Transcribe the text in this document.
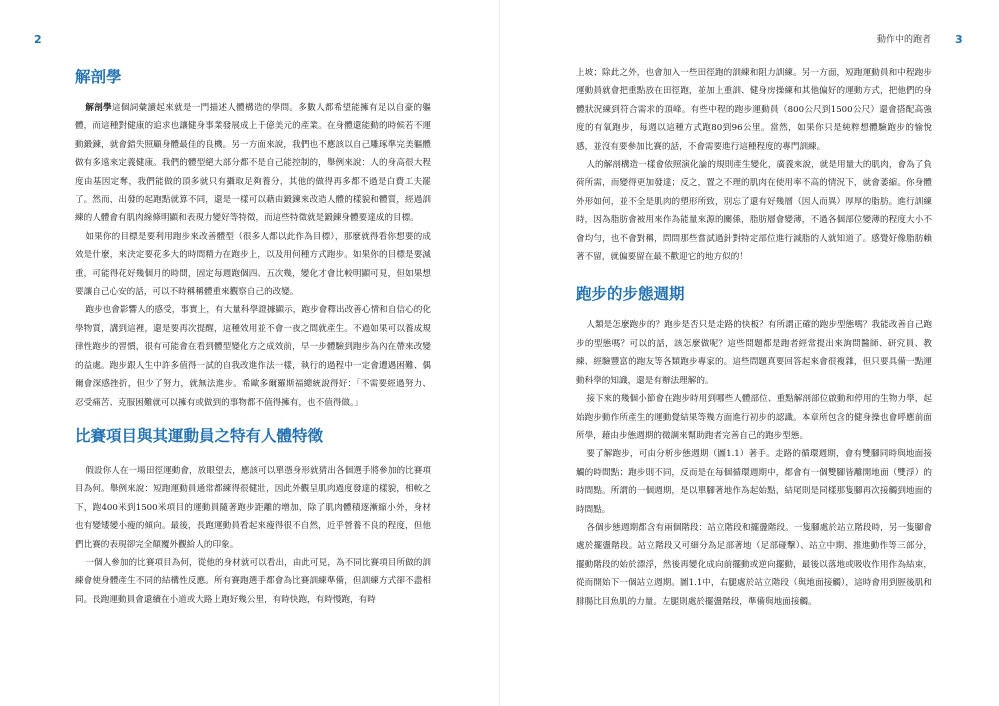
2
解剖學

解剖學這個詞彙讀起來就是一門描述人體構造的學問。多數人都希望能擁有足以自豪的軀體，而這種對健康的追求也讓健身事業發展成上千億美元的產業。在身體還能動的時候若不運動鍛鍊，就會錯失照顧身體最佳的良機。另一方面來說，我們也不應該以自己雕琢準完美軀體做有多遠來定義健康。我們的體型絕大部分都不是自己能控制的，舉例來說：人的身高很大程度由基因定奪，我們能做的頂多就只有攝取足夠養分，其他的做得再多都不過是白費工夫罷了。然而，出發的起跑點就算不同，還是一樣可以藉由鍛鍊來改造人體的樣貌和體質，經過訓練的人體會有肌肉線條明顯和表現力變好等特徵，而這些特徵就是鍛鍊身體要達成的目標。

如果你的目標是要利用跑步來改善體型（很多人都以此作為目標），那麼就得看你想要的成效是什麼，來決定要花多大的時間精力在跑步上，以及用何種方式跑步。如果你的目標是要減重，可能得花好幾個月的時間，固定每週跑個四、五次幾，變化才會比較明顯可見，但如果想要讓自己心安的話，可以不時稱稱體重來觀察自己的改變。

跑步也會影響人的感受，事實上，有大量科學證據顯示，跑步會釋出改善心情和自信心的化學物質，講到這裡，還是要再次提醒，這種效用並不會一夜之間就產生。不過如果可以養成規律性跑步的習慣，很有可能會在看到體型變化方之成效前，早一步體驗到跑步為內在帶來改變的益處。跑步跟人生中許多值得一試的自我改進作法一樣，執行的過程中一定會遭遇困難、偶爾會深感挫折，但少了努力，就無法進步。希歐多爾羅斯福總統說得好：「不需要經過努力、忍受痛苦、克服困難就可以擁有或做到的事物都不值得擁有，也不值得做。」

比賽項目與其運動員之特有人體特徵

假設你人在一場田徑運動會，放眼望去，應該可以單憑身形就猜出各個選手將參加的比賽項目為何。舉例來說：短跑運動員通常都練得很健壯，因此外觀呈肌肉過度發達的樣貌，相較之下，跑400米到1500米項目的運動員隨著跑步距離的增加，除了肌肉體積逐漸縮小外，身材也有變矮變小瘦的傾向。最後，長跑運動員看起來瘦得很不自然，近乎營養不良的程度，但他們比賽的表現卻完全顛覆外觀給人的印象。

一個人參加的比賽項目為何，從他的身材就可以看出，由此可見，為不同比賽項目所做的訓練會使身體產生不同的結構性反應。所有賽跑選手都會為比賽訓練準備，但訓練方式卻不盡相同。長跑運動員會還續在小道或大路上跑好幾公里，有時快跑，有時慢跑，有時

動作中的跑者 3

上坡；除此之外，也會加入一些田徑跑的訓練和阻力訓練。另一方面，短跑運動員和中程跑步運動員就會把重點放在田徑跑，並加上重訓、健身房操練和其他偏好的運動方式，把他們的身體狀況練到符合需求的頂峰。有些中程的跑步運動員（800公尺到1500公尺）還會搭配高強度的有氧跑步，每週以這種方式跑80到96公里。當然，如果你只是純粹想體驗跑步的愉悅感，並沒有要參加比賽的話，不會需要進行這種程度的專門訓練。

人的解剖構造一樣會依照演化論的規則產生變化，廣義來說，就是用量大的肌肉，會為了負荷所需，而變得更加發達；反之，置之不理的肌肉在使用率不高的情況下，就會萎縮。你身體外形如何，並不全是肌肉的塑形所致，別忘了還有好幾層（因人而異）厚厚的脂肪。進行訓練時，因為脂肪會被用來作為能量來源的關係，脂肪層會變薄，不過各個部位變薄的程度大小不會均勻，也不會對稱，問問那些嘗試過針對特定部位進行減脂的人就知道了。感覺好像脂肪賴著不留，就偏要留在最不歡迎它的地方似的！

跑步的步態週期

人類是怎麼跑步的？跑步是否只是走路的快板？有所謂正確的跑步型態嗎？我能改善自己跑步的型態嗎？可以的話，該怎麼做呢？這些問題都是跑者經常提出來詢問醫師、研究員、教練、經驗豐富的跑友等各類跑步專家的。這些問題真要回答起來會很複雜，但只要具備一點運動科學的知識，還是有辦法理解的。

接下來的幾個小節會在跑步時用到哪些人體部位、重點解剖部位啟動和停用的生物力學，起始跑步動作所產生的運動覺結果等幾方面進行初步的認識。本章所包含的健身操也會呼應前面所學，藉由步態週期的微調來幫助跑者完善自己的跑步型態。

要了解跑步，可由分析步態週期（圖1.1）著手。走路的循環週期，會有雙腳同時與地面接觸的時間點；跑步則不同，反而是在每個循環週期中，都會有一個雙腳皆離開地面（雙浮）的時間點。所謂的一個週期，是以單腳著地作為起始點，結尾則是同樣那隻腳再次接觸到地面的時間點。

各個步態週期都含有兩個階段：站立階段和擺盪階段。一隻腳處於站立階段時，另一隻腳會處於擺盪階段。站立階段又可細分為足部著地（足部碰擊）、站立中期、推進動作等三部分，擺動階段的始於漂浮，然後再變化成向前擺動或逆向擺動，最後以落地或吸收作用作為結束，從而開始下一個站立週期。圖1.1中，右腿處於站立階段（與地面接觸），這時會用到脛後肌和腓腸比目魚肌的力量。左腿則處於擺盪階段，準備與地面接觸。
